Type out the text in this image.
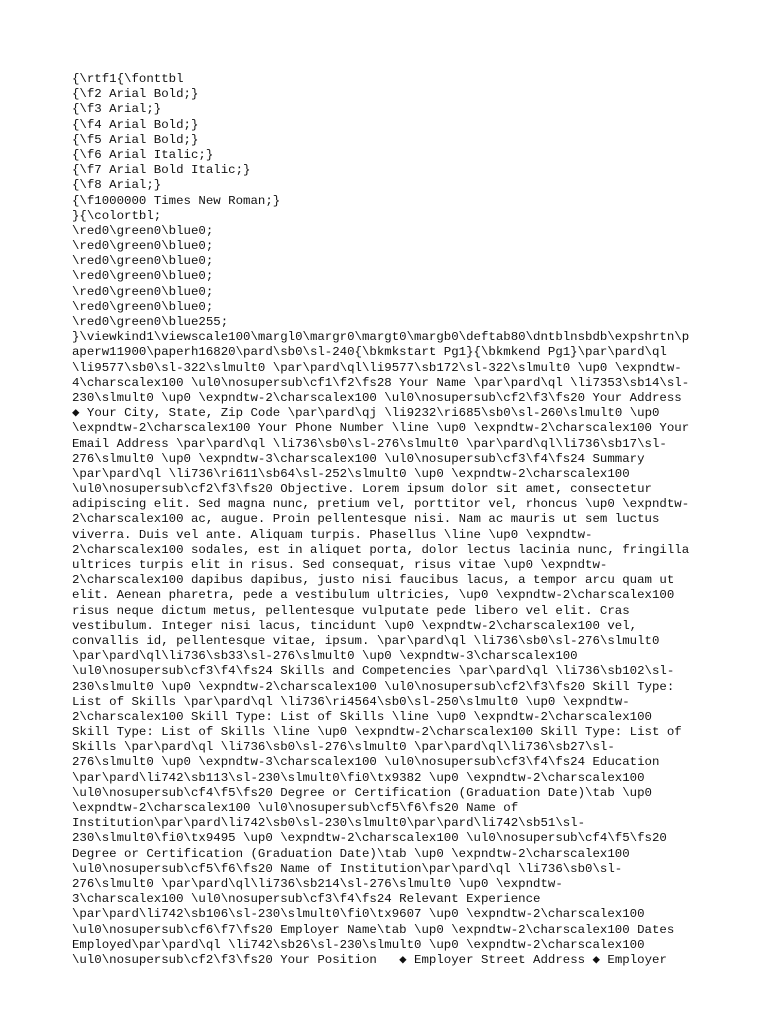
{\rtf1{\fonttbl
{\f2 Arial Bold;}
{\f3 Arial;}
{\f4 Arial Bold;}
{\f5 Arial Bold;}
{\f6 Arial Italic;}
{\f7 Arial Bold Italic;}
{\f8 Arial;}
{\f1000000 Times New Roman;}
}{\colortbl;
\red0\green0\blue0;
\red0\green0\blue0;
\red0\green0\blue0;
\red0\green0\blue0;
\red0\green0\blue0;
\red0\green0\blue0;
\red0\green0\blue255;
}\viewkind1\viewscale100\margl0\margr0\margt0\margb0\deftab80\dntblnsbdb\expshrtn\p
aperw11900\paperh16820\pard\sb0\sl-240{\bkmkstart Pg1}{\bkmkend Pg1}\par\pard\ql
\li9577\sb0\sl-322\slmult0 \par\pard\ql\li9577\sb172\sl-322\slmult0 \up0 \expndtw-
4\charscalex100 \ul0\nosupersub\cf1\f2\fs28 Your Name \par\pard\ql \li7353\sb14\sl-
230\slmult0 \up0 \expndtw-2\charscalex100 \ul0\nosupersub\cf2\f3\fs20 Your Address
◆ Your City, State, Zip Code \par\pard\qj \li9232\ri685\sb0\sl-260\slmult0 \up0
\expndtw-2\charscalex100 Your Phone Number \line \up0 \expndtw-2\charscalex100 Your
Email Address \par\pard\ql \li736\sb0\sl-276\slmult0 \par\pard\ql\li736\sb17\sl-
276\slmult0 \up0 \expndtw-3\charscalex100 \ul0\nosupersub\cf3\f4\fs24 Summary
\par\pard\ql \li736\ri611\sb64\sl-252\slmult0 \up0 \expndtw-2\charscalex100
\ul0\nosupersub\cf2\f3\fs20 Objective. Lorem ipsum dolor sit amet, consectetur
adipiscing elit. Sed magna nunc, pretium vel, porttitor vel, rhoncus \up0 \expndtw-
2\charscalex100 ac, augue. Proin pellentesque nisi. Nam ac mauris ut sem luctus
viverra. Duis vel ante. Aliquam turpis. Phasellus \line \up0 \expndtw-
2\charscalex100 sodales, est in aliquet porta, dolor lectus lacinia nunc, fringilla
ultrices turpis elit in risus. Sed consequat, risus vitae \up0 \expndtw-
2\charscalex100 dapibus dapibus, justo nisi faucibus lacus, a tempor arcu quam ut
elit. Aenean pharetra, pede a vestibulum ultricies, \up0 \expndtw-2\charscalex100
risus neque dictum metus, pellentesque vulputate pede libero vel elit. Cras
vestibulum. Integer nisi lacus, tincidunt \up0 \expndtw-2\charscalex100 vel,
convallis id, pellentesque vitae, ipsum. \par\pard\ql \li736\sb0\sl-276\slmult0
\par\pard\ql\li736\sb33\sl-276\slmult0 \up0 \expndtw-3\charscalex100
\ul0\nosupersub\cf3\f4\fs24 Skills and Competencies \par\pard\ql \li736\sb102\sl-
230\slmult0 \up0 \expndtw-2\charscalex100 \ul0\nosupersub\cf2\f3\fs20 Skill Type:
List of Skills \par\pard\ql \li736\ri4564\sb0\sl-250\slmult0 \up0 \expndtw-
2\charscalex100 Skill Type: List of Skills \line \up0 \expndtw-2\charscalex100
Skill Type: List of Skills \line \up0 \expndtw-2\charscalex100 Skill Type: List of
Skills \par\pard\ql \li736\sb0\sl-276\slmult0 \par\pard\ql\li736\sb27\sl-
276\slmult0 \up0 \expndtw-3\charscalex100 \ul0\nosupersub\cf3\f4\fs24 Education
\par\pard\li742\sb113\sl-230\slmult0\fi0\tx9382 \up0 \expndtw-2\charscalex100
\ul0\nosupersub\cf4\f5\fs20 Degree or Certification (Graduation Date)\tab \up0
\expndtw-2\charscalex100 \ul0\nosupersub\cf5\f6\fs20 Name of
Institution\par\pard\li742\sb0\sl-230\slmult0\par\pard\li742\sb51\sl-
230\slmult0\fi0\tx9495 \up0 \expndtw-2\charscalex100 \ul0\nosupersub\cf4\f5\fs20
Degree or Certification (Graduation Date)\tab \up0 \expndtw-2\charscalex100
\ul0\nosupersub\cf5\f6\fs20 Name of Institution\par\pard\ql \li736\sb0\sl-
276\slmult0 \par\pard\ql\li736\sb214\sl-276\slmult0 \up0 \expndtw-
3\charscalex100 \ul0\nosupersub\cf3\f4\fs24 Relevant Experience
\par\pard\li742\sb106\sl-230\slmult0\fi0\tx9607 \up0 \expndtw-2\charscalex100
\ul0\nosupersub\cf6\f7\fs20 Employer Name\tab \up0 \expndtw-2\charscalex100 Dates
Employed\par\pard\ql \li742\sb26\sl-230\slmult0 \up0 \expndtw-2\charscalex100
\ul0\nosupersub\cf2\f3\fs20 Your Position   ◆ Employer Street Address ◆ Employer
